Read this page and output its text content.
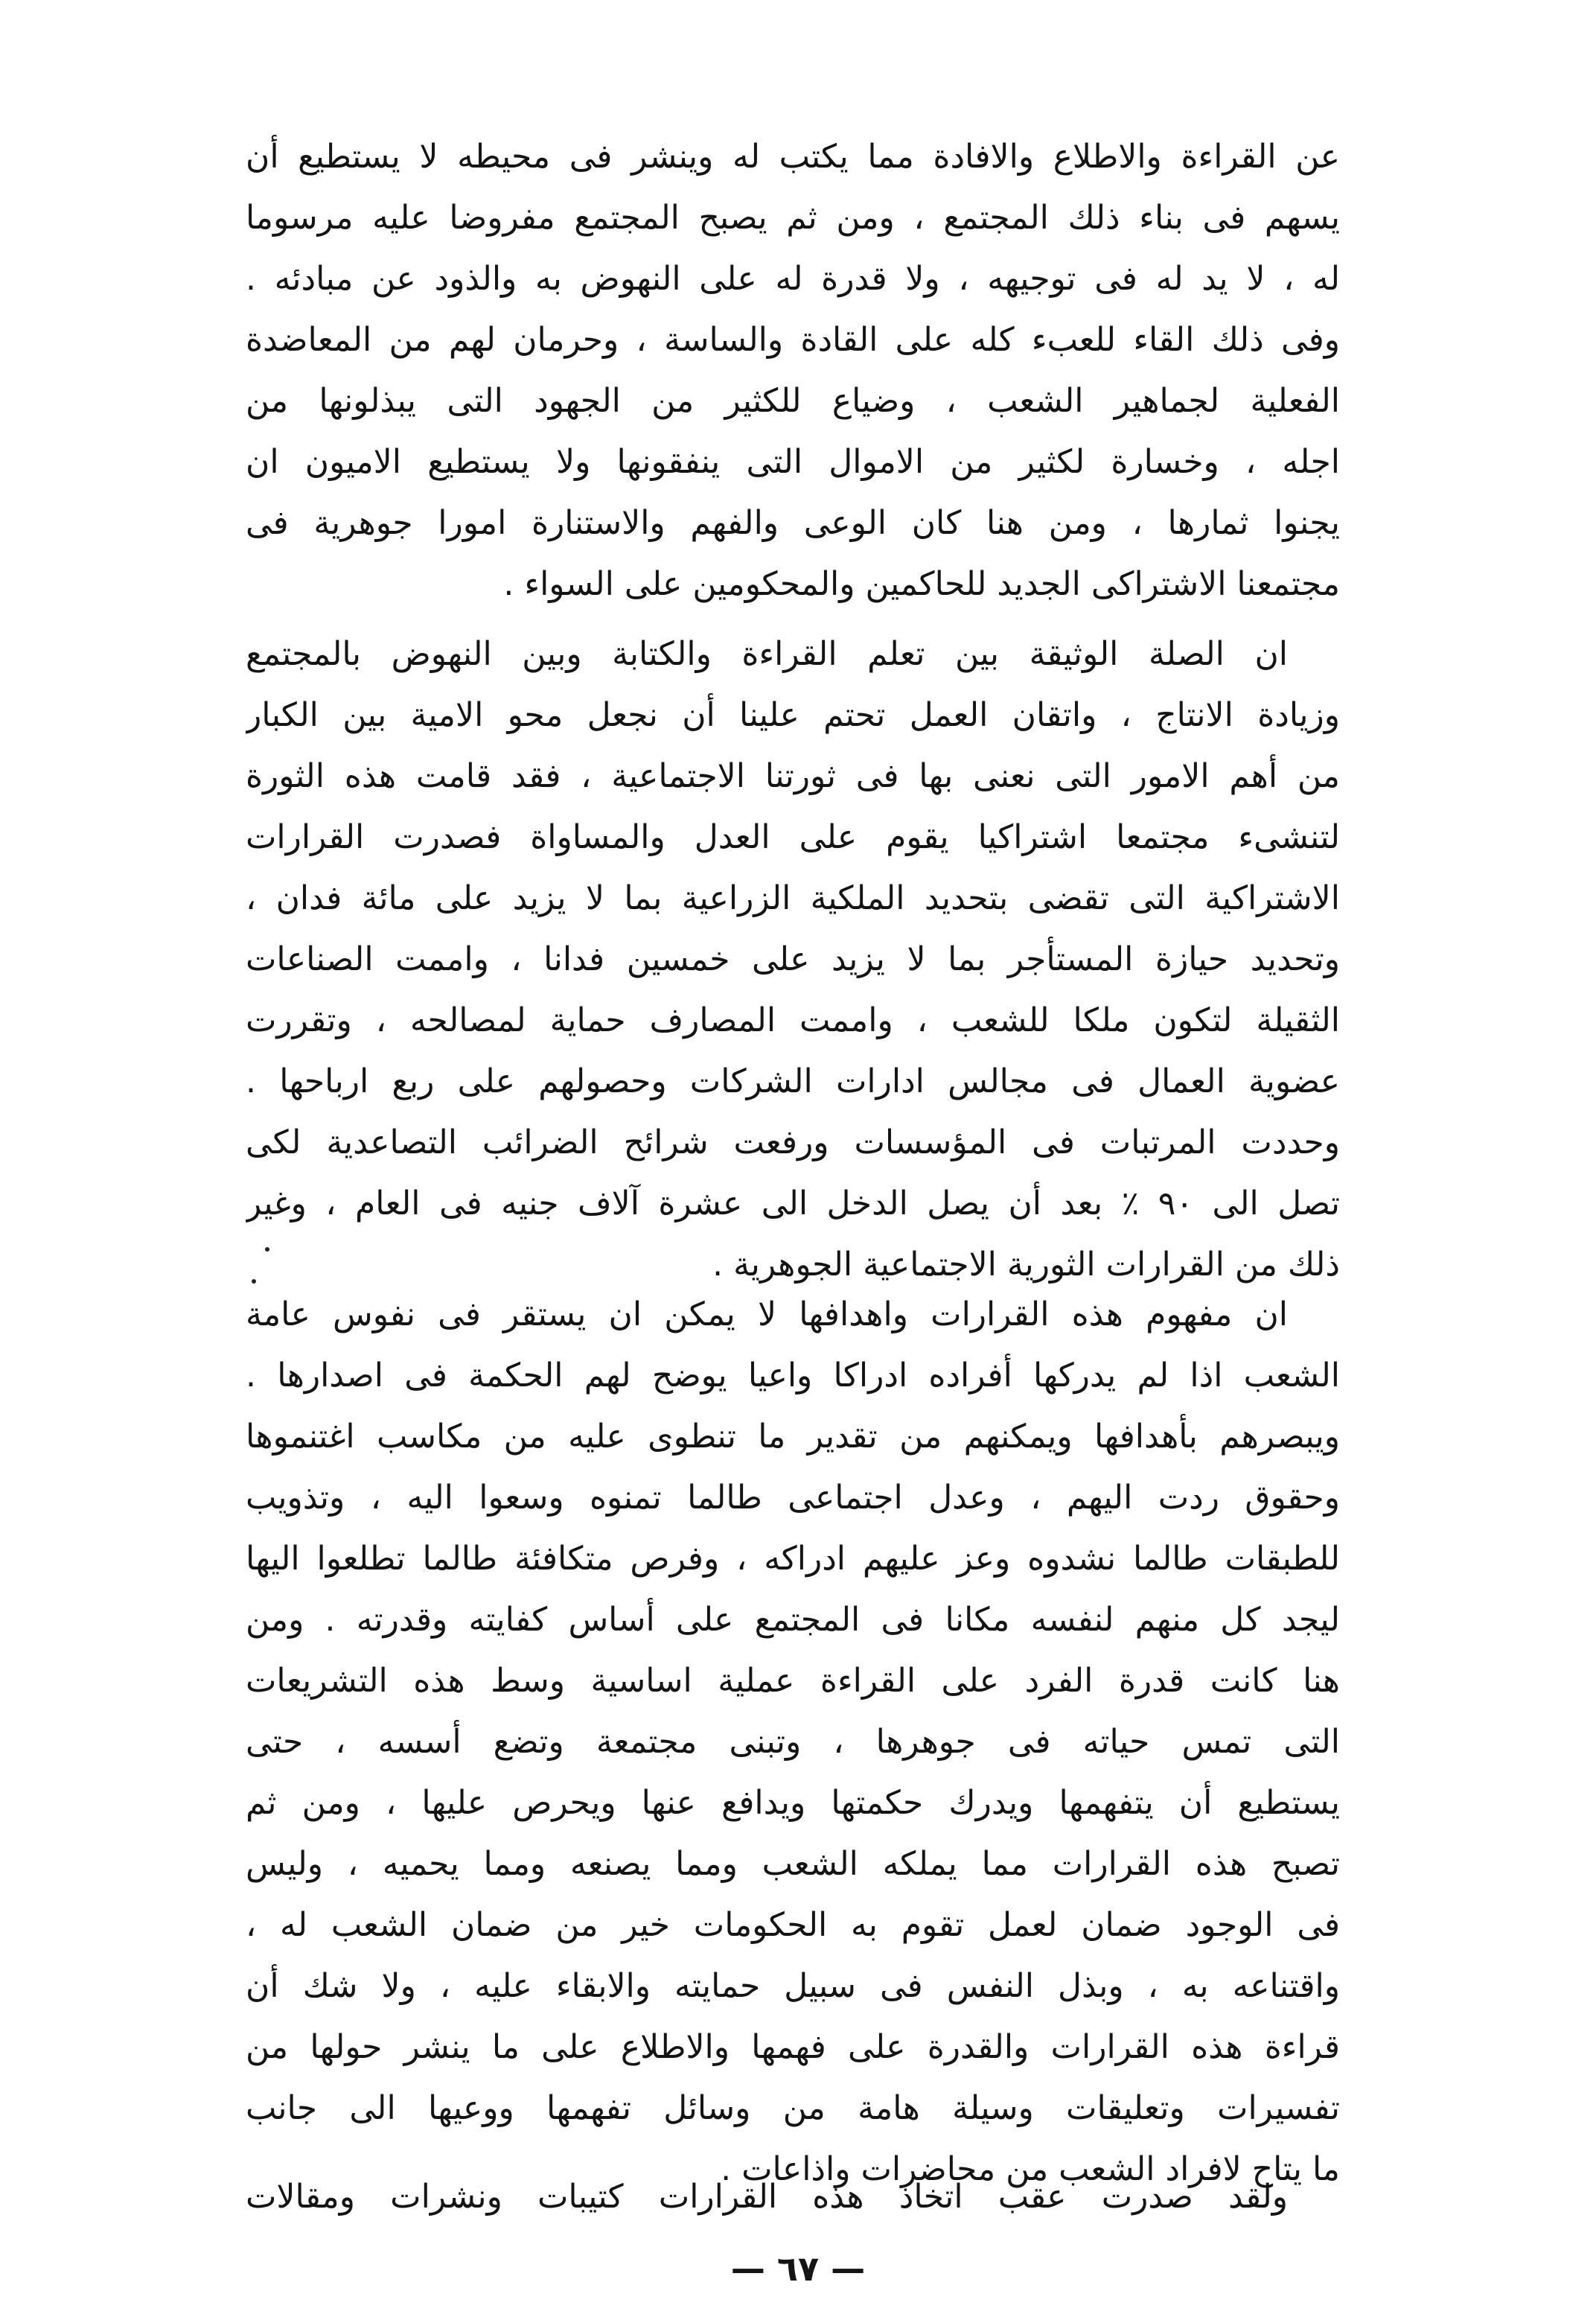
عن القراءة والاطلاع والافادة مما يكتب له وينشر فى محيطه لا يستطيع أن
يسهم فى بناء ذلك المجتمع ، ومن ثم يصبح المجتمع مفروضا عليه مرسوما
له ، لا يد له فى توجيهه ، ولا قدرة له على النهوض به والذود عن مبادئه .
وفى ذلك القاء للعبء كله على القادة والساسة ، وحرمان لهم من المعاضدة
الفعلية لجماهير الشعب ، وضياع للكثير من الجهود التى يبذلونها من
اجله ، وخسارة لكثير من الاموال التى ينفقونها ولا يستطيع الاميون ان
يجنوا ثمارها ، ومن هنا كان الوعى والفهم والاستنارة امورا جوهرية فى
مجتمعنا الاشتراكى الجديد للحاكمين والمحكومين على السواء .
ان الصلة الوثيقة بين تعلم القراءة والكتابة وبين النهوض بالمجتمع
وزيادة الانتاج ، واتقان العمل تحتم علينا أن نجعل محو الامية بين الكبار
من أهم الامور التى نعنى بها فى ثورتنا الاجتماعية ، فقد قامت هذه الثورة
لتنشىء مجتمعا اشتراكيا يقوم على العدل والمساواة فصدرت القرارات
الاشتراكية التى تقضى بتحديد الملكية الزراعية بما لا يزيد على مائة فدان ،
وتحديد حيازة المستأجر بما لا يزيد على خمسين فدانا ، واممت الصناعات
الثقيلة لتكون ملكا للشعب ، واممت المصارف حماية لمصالحه ، وتقررت
عضوية العمال فى مجالس ادارات الشركات وحصولهم على ربع ارباحها .
وحددت المرتبات فى المؤسسات ورفعت شرائح الضرائب التصاعدية لكى
تصل الى ٩٠ ٪ بعد أن يصل الدخل الى عشرة آلاف جنيه فى العام ، وغير
ذلك من القرارات الثورية الاجتماعية الجوهرية .
ان مفهوم هذه القرارات واهدافها لا يمكن ان يستقر فى نفوس عامة
الشعب اذا لم يدركها أفراده ادراكا واعيا يوضح لهم الحكمة فى اصدارها .
ويبصرهم بأهدافها ويمكنهم من تقدير ما تنطوى عليه من مكاسب اغتنموها
وحقوق ردت اليهم ، وعدل اجتماعى طالما تمنوه وسعوا اليه ، وتذويب
للطبقات طالما نشدوه وعز عليهم ادراكه ، وفرص متكافئة طالما تطلعوا اليها
ليجد كل منهم لنفسه مكانا فى المجتمع على أساس كفايته وقدرته . ومن
هنا كانت قدرة الفرد على القراءة عملية اساسية وسط هذه التشريعات
التى تمس حياته فى جوهرها ، وتبنى مجتمعة وتضع أسسه ، حتى
يستطيع أن يتفهمها ويدرك حكمتها ويدافع عنها ويحرص عليها ، ومن ثم
تصبح هذه القرارات مما يملكه الشعب ومما يصنعه ومما يحميه ، وليس
فى الوجود ضمان لعمل تقوم به الحكومات خير من ضمان الشعب له ،
واقتناعه به ، وبذل النفس فى سبيل حمايته والابقاء عليه ، ولا شك أن
قراءة هذه القرارات والقدرة على فهمها والاطلاع على ما ينشر حولها من
تفسيرات وتعليقات وسيلة هامة من وسائل تفهمها ووعيها الى جانب
ما يتاح لافراد الشعب من محاضرات واذاعات .
ولقد صدرت عقب اتخاذ هذه القرارات كتيبات ونشرات ومقالات
— ٦٧ —
